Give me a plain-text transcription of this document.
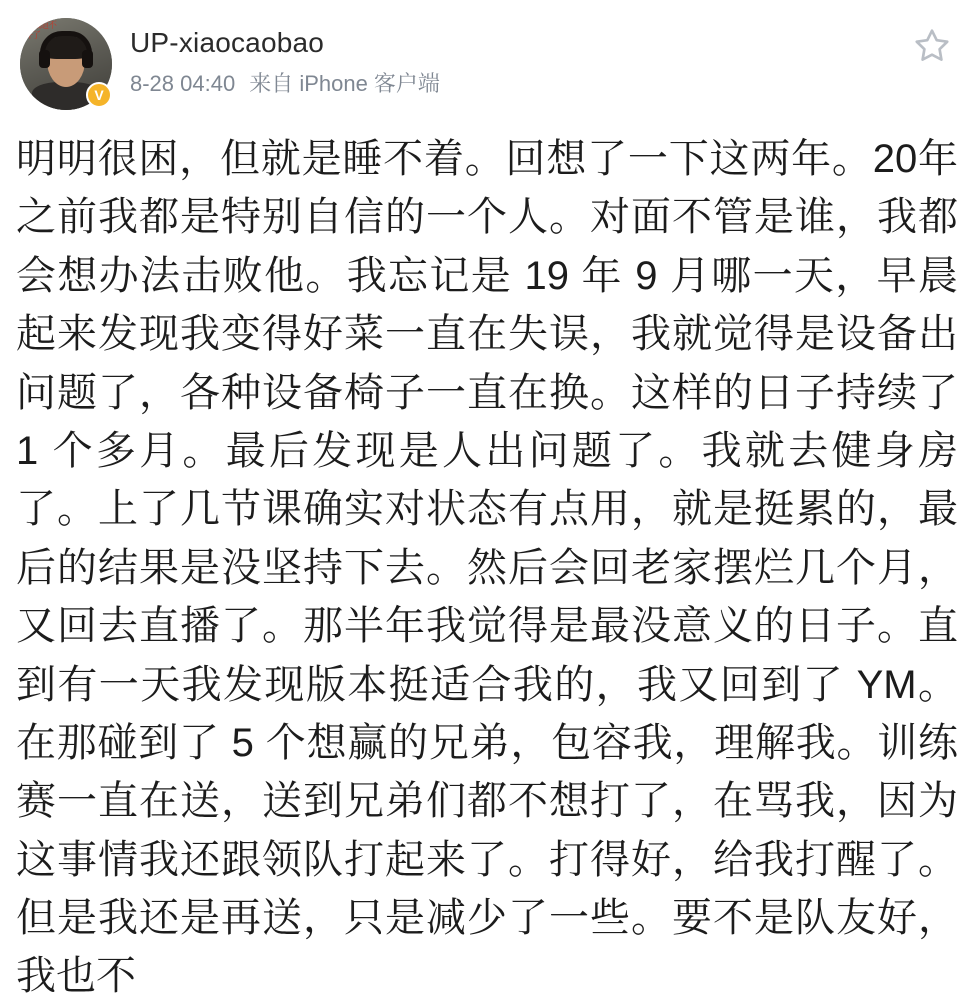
未知道不许了
V
UP-xiaocaobao
8-28 04:40 来自 iPhone 客户端
明明很困，但就是睡不着。回想了一下这两年。20年之前我都是特别自信的一个人。对面不管是谁，我都会想办法击败他。我忘记是 19 年 9 月哪一天，早晨起来发现我变得好菜一直在失误，我就觉得是设备出问题了，各种设备椅子一直在换。这样的日子持续了 1 个多月。最后发现是人出问题了。我就去健身房了。上了几节课确实对状态有点用，就是挺累的，最后的结果是没坚持下去。然后会回老家摆烂几个月，又回去直播了。那半年我觉得是最没意义的日子。直到有一天我发现版本挺适合我的，我又回到了 YM。在那碰到了 5 个想赢的兄弟，包容我，理解我。训练赛一直在送，送到兄弟们都不想打了，在骂我，因为这事情我还跟领队打起来了。打得好，给我打醒了。但是我还是再送，只是减少了一些。要不是队友好，我也不
